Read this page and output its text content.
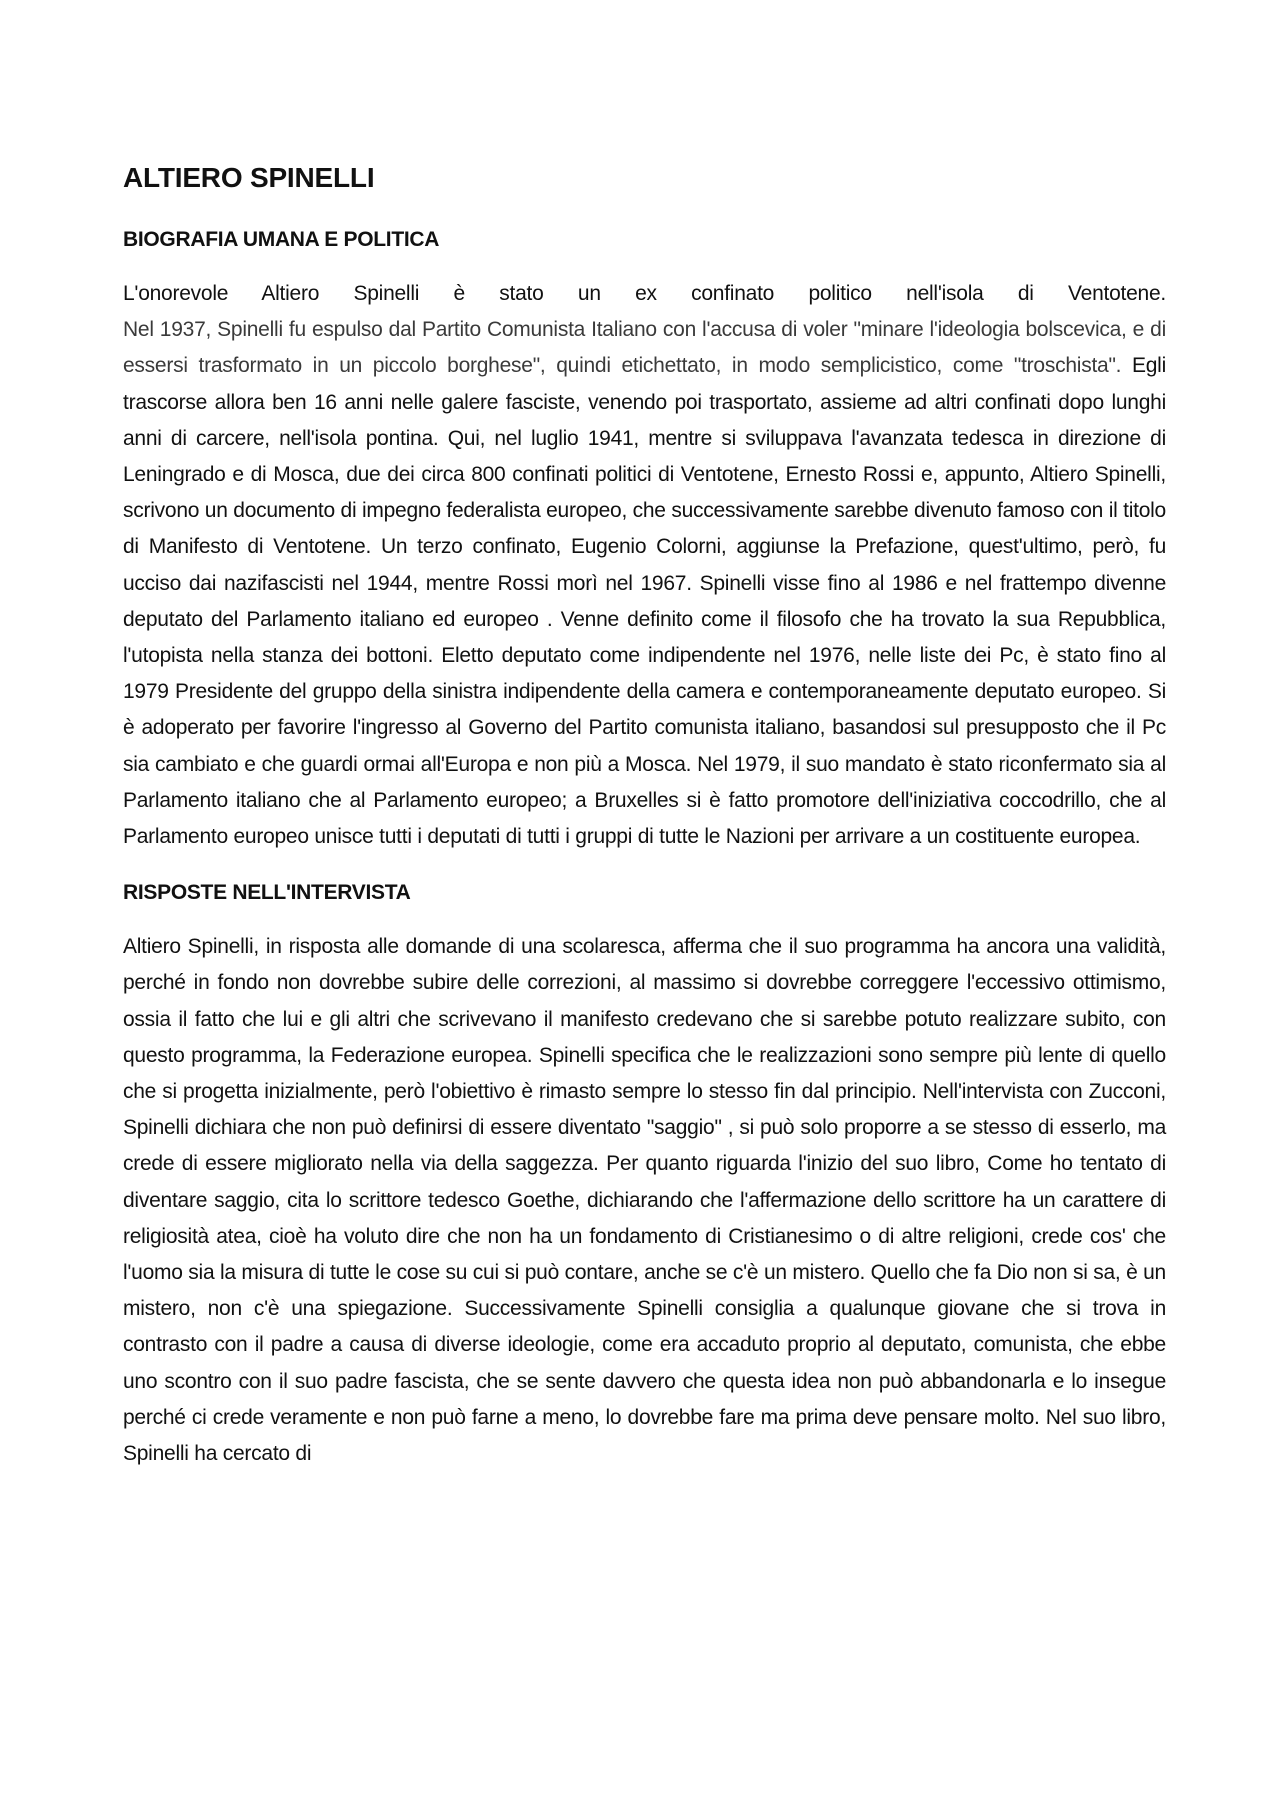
ALTIERO SPINELLI
BIOGRAFIA UMANA E POLITICA

L'onorevole Altiero Spinelli è stato un ex confinato politico nell'isola di Ventotene.
Nel 1937, Spinelli fu espulso dal Partito Comunista Italiano con l'accusa di voler "minare l'ideologia bolscevica, e di essersi trasformato in un piccolo borghese", quindi etichettato, in modo semplicistico, come "troschista". Egli trascorse allora ben 16 anni nelle galere fasciste, venendo poi trasportato, assieme ad altri confinati dopo lunghi anni di carcere, nell'isola pontina. Qui, nel luglio 1941, mentre si sviluppava l'avanzata tedesca in direzione di Leningrado e di Mosca, due dei circa 800 confinati politici di Ventotene, Ernesto Rossi e, appunto, Altiero Spinelli, scrivono un documento di impegno federalista europeo, che successivamente sarebbe divenuto famoso con il titolo di Manifesto di Ventotene. Un terzo confinato, Eugenio Colorni, aggiunse la Prefazione, quest'ultimo, però, fu ucciso dai nazifascisti nel 1944, mentre Rossi morì nel 1967. Spinelli visse fino al 1986 e nel frattempo divenne deputato del Parlamento italiano ed europeo . Venne definito come il filosofo che ha trovato la sua Repubblica, l'utopista nella stanza dei bottoni. Eletto deputato come indipendente nel 1976, nelle liste dei Pc, è stato fino al 1979 Presidente del gruppo della sinistra indipendente della camera e contemporaneamente deputato europeo. Si è adoperato per favorire l'ingresso al Governo del Partito comunista italiano, basandosi sul presupposto che il Pc sia cambiato e che guardi ormai all'Europa e non più a Mosca. Nel 1979, il suo mandato è stato riconfermato sia al Parlamento italiano che al Parlamento europeo; a Bruxelles si è fatto promotore dell'iniziativa coccodrillo, che al Parlamento europeo unisce tutti i deputati di tutti i gruppi di tutte le Nazioni per arrivare a un costituente europea.

RISPOSTE NELL'INTERVISTA

Altiero Spinelli, in risposta alle domande di una scolaresca, afferma che il suo programma ha ancora una validità, perché in fondo non dovrebbe subire delle correzioni, al massimo si dovrebbe correggere l'eccessivo ottimismo, ossia il fatto che lui e gli altri che scrivevano il manifesto credevano che si sarebbe potuto realizzare subito, con questo programma, la Federazione europea. Spinelli specifica che le realizzazioni sono sempre più lente di quello che si progetta inizialmente, però l'obiettivo è rimasto sempre lo stesso fin dal principio. Nell'intervista con Zucconi, Spinelli dichiara che non può definirsi di essere diventato "saggio" , si può solo proporre a se stesso di esserlo, ma crede di essere migliorato nella via della saggezza. Per quanto riguarda l'inizio del suo libro, Come ho tentato di diventare saggio, cita lo scrittore tedesco Goethe, dichiarando che l'affermazione dello scrittore ha un carattere di religiosità atea, cioè ha voluto dire che non ha un fondamento di Cristianesimo o di altre religioni, crede cos' che l'uomo sia la misura di tutte le cose su cui si può contare, anche se c'è un mistero. Quello che fa Dio non si sa, è un mistero, non c'è una spiegazione. Successivamente Spinelli consiglia a qualunque giovane che si trova in contrasto con il padre a causa di diverse ideologie, come era accaduto proprio al deputato, comunista, che ebbe uno scontro con il suo padre fascista, che se sente davvero che questa idea non può abbandonarla e lo insegue perché ci crede veramente e non può farne a meno, lo dovrebbe fare ma prima deve pensare molto. Nel suo libro, Spinelli ha cercato di
